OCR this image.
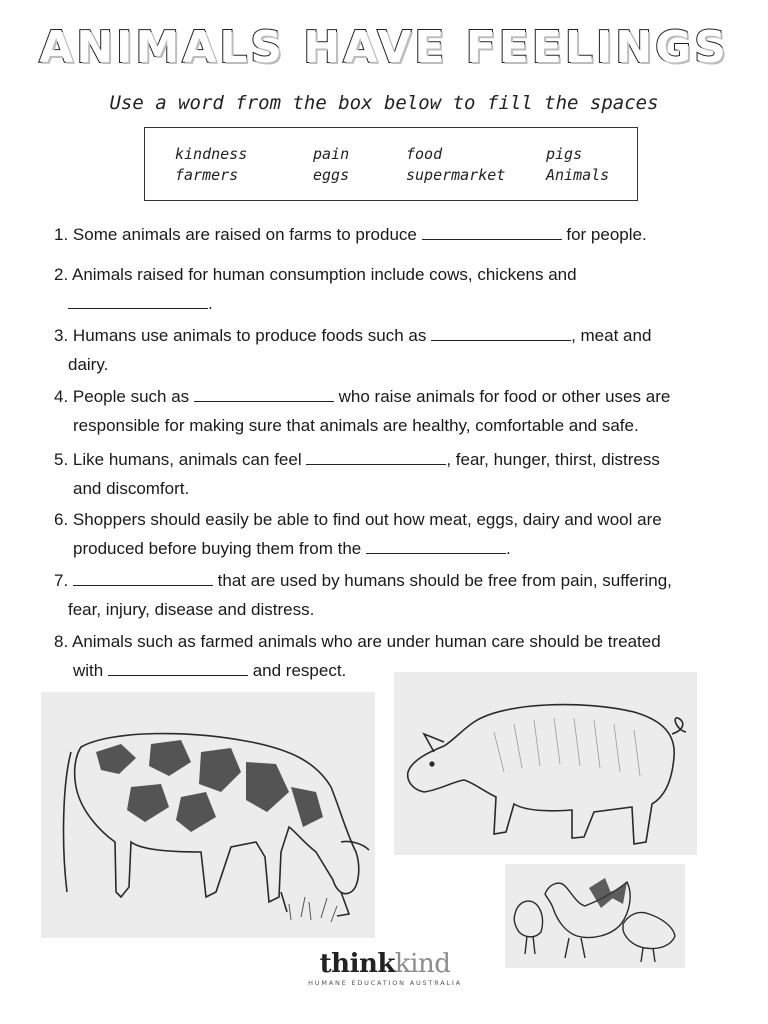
ANIMALS HAVE FEELINGS
Use a word from the box below to fill the spaces
kindness	pain	food	pigs
farmers	eggs	supermarket	Animals
1. Some animals are raised on farms to produce	for people.
2. Animals raised for human consumption include cows, chickens and
.
3. Humans use animals to produce foods such as	, meat and
dairy.
4. People such as	who raise animals for food or other uses are
responsible for making sure that animals are healthy, comfortable and safe.
5. Like humans, animals can feel	, fear, hunger, thirst, distress
and discomfort.
6. Shoppers should easily be able to find out how meat, eggs, dairy and wool are
produced before buying them from the	.
7.	that are used by humans should be free from pain, suffering,
fear, injury, disease and distress.
8. Animals such as farmed animals who are under human care should be treated
with	and respect.
thinkkind
HUMANE EDUCATION AUSTRALIA
